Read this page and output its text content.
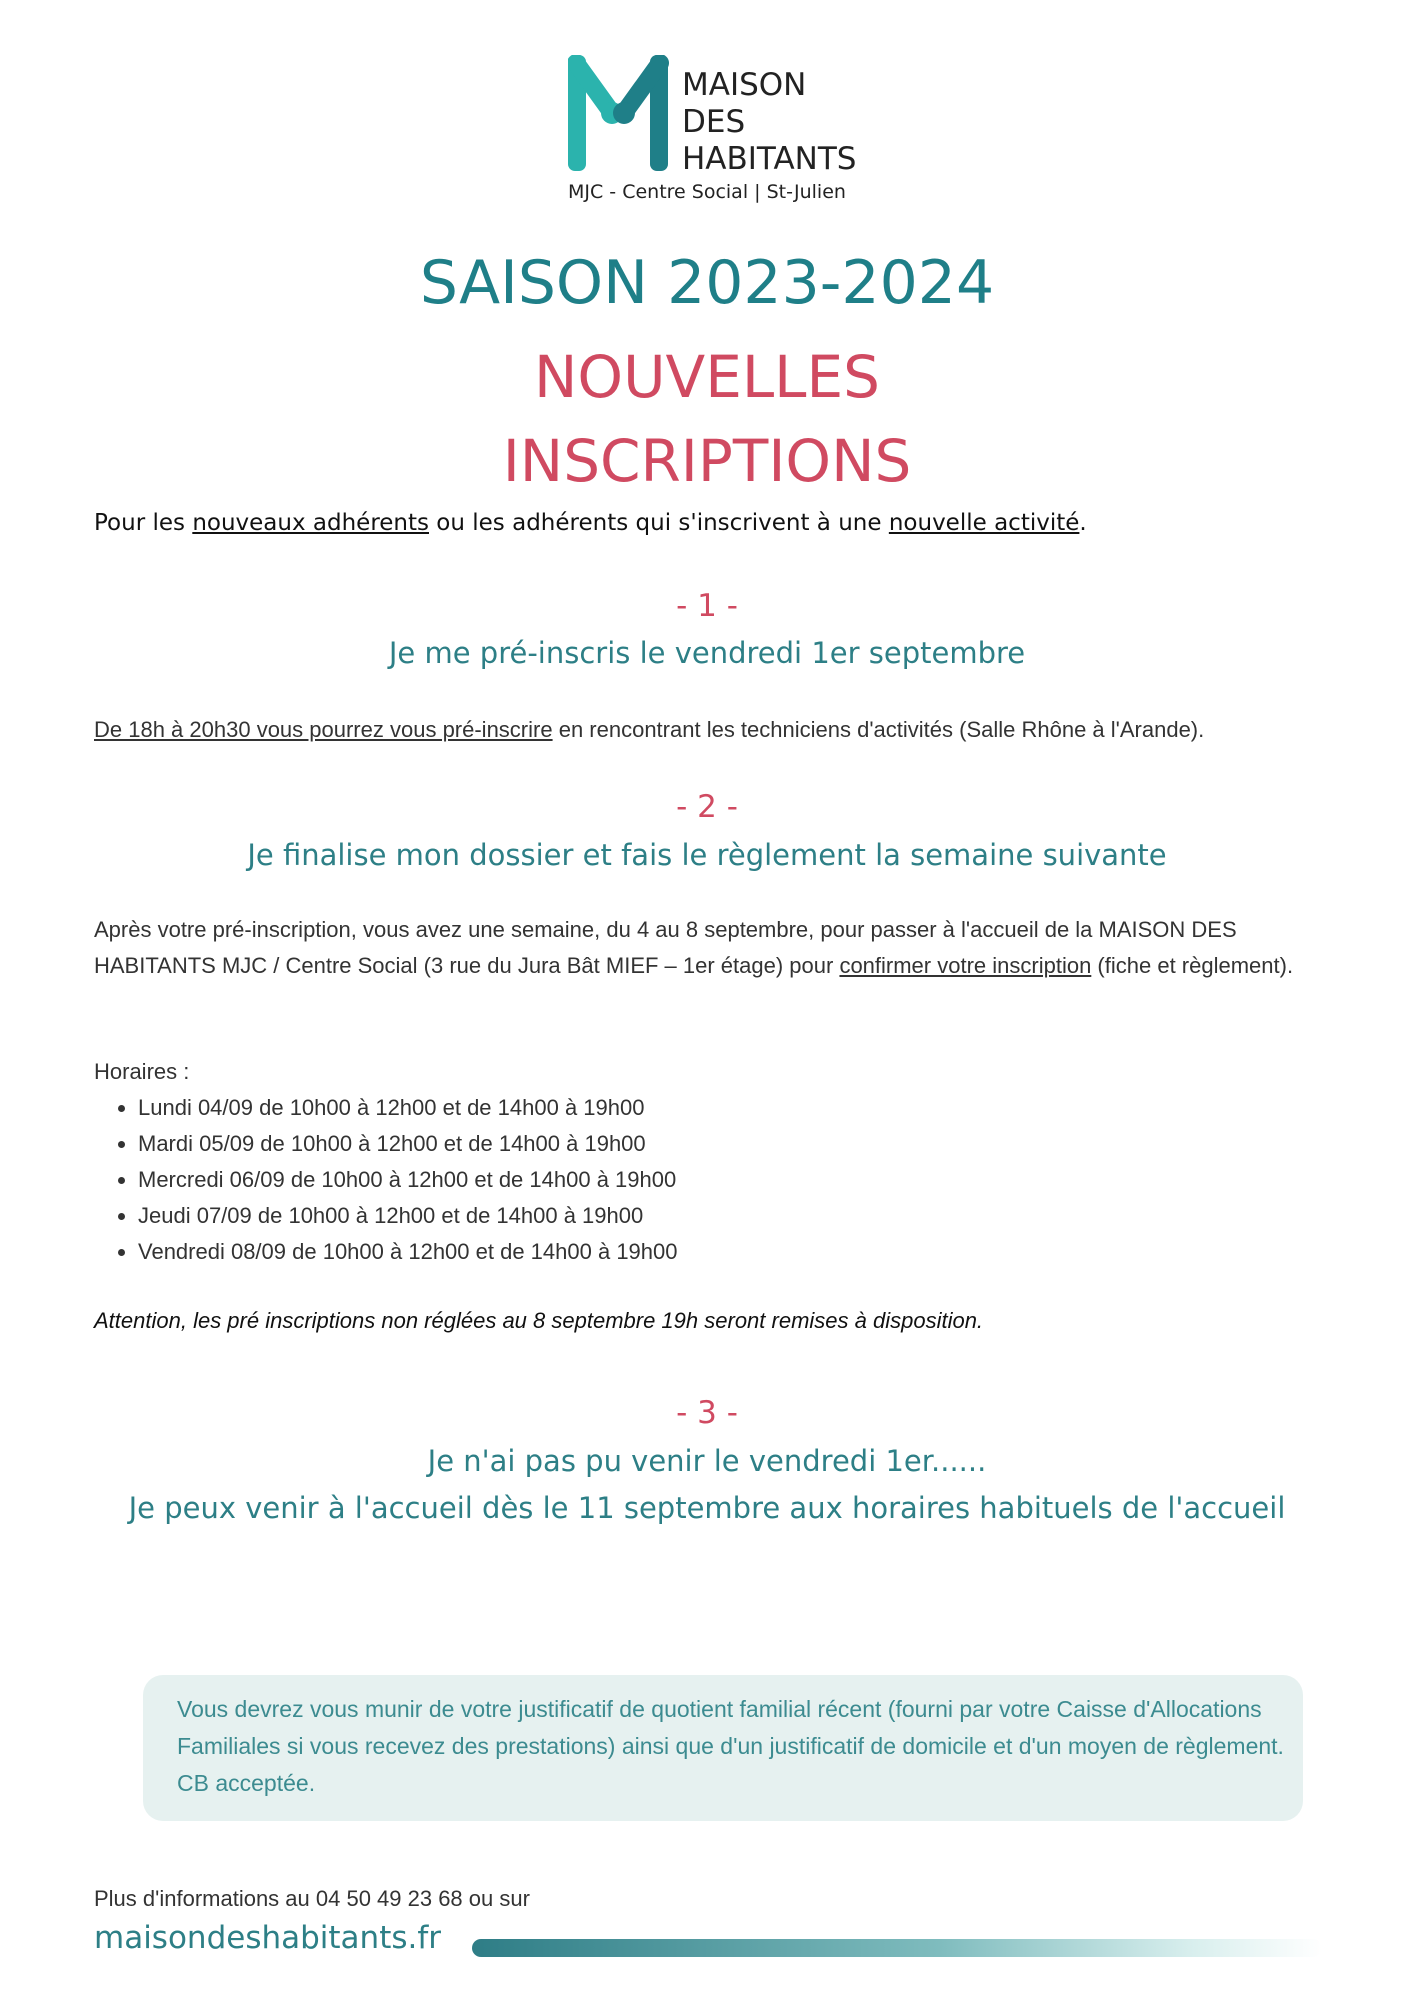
MAISON
DES
HABITANTS
MJC - Centre Social | St-Julien
SAISON 2023-2024
NOUVELLES
INSCRIPTIONS
Pour les nouveaux adhérents ou les adhérents qui s'inscrivent à une nouvelle activité.
- 1 -
Je me pré-inscris le vendredi 1er septembre
De 18h à 20h30 vous pourrez vous pré-inscrire en rencontrant les techniciens d'activités (Salle Rhône à l'Arande).
- 2 -
Je finalise mon dossier et fais le règlement la semaine suivante
Après votre pré-inscription, vous avez une semaine, du 4 au 8 septembre, pour passer à l'accueil de la MAISON DES HABITANTS MJC / Centre Social (3 rue du Jura Bât MIEF – 1er étage) pour confirmer votre inscription (fiche et règlement).
Horaires :
• Lundi 04/09 de 10h00 à 12h00 et de 14h00 à 19h00
• Mardi 05/09 de 10h00 à 12h00 et de 14h00 à 19h00
• Mercredi 06/09 de 10h00 à 12h00 et de 14h00 à 19h00
• Jeudi 07/09 de 10h00 à 12h00 et de 14h00 à 19h00
• Vendredi 08/09 de 10h00 à 12h00 et de 14h00 à 19h00
Attention, les pré inscriptions non réglées au 8 septembre 19h seront remises à disposition.
- 3 -
Je n'ai pas pu venir le vendredi 1er......
Je peux venir à l'accueil dès le 11 septembre aux horaires habituels de l'accueil
Vous devrez vous munir de votre justificatif de quotient familial récent (fourni par votre Caisse d'Allocations Familiales si vous recevez des prestations) ainsi que d'un justificatif de domicile et d'un moyen de règlement. CB acceptée.
Plus d'informations au 04 50 49 23 68 ou sur
maisondeshabitants.fr
